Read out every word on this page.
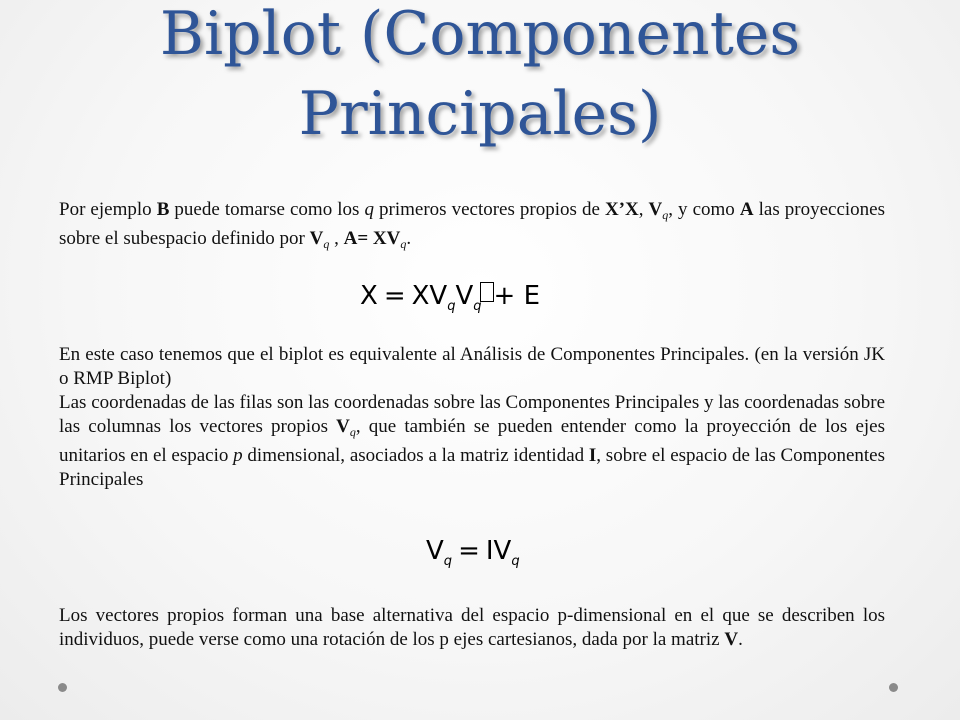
Biplot (Componentes
Principales)

Por ejemplo B puede tomarse como los q primeros vectores propios de X’X, $V_q$, y como A las proyecciones sobre el subespacio definido por $V_q$ , $A= XV_q$.

$X = XV_qV_q + E$
En este caso tenemos que el biplot es equivalente al Análisis de Componentes Principales. (en la versión JK o RMP Biplot)
Las coordenadas de las filas son las coordenadas sobre las Componentes Principales y las coordenadas sobre las columnas los vectores propios $V_q$, que también se pueden entender como la proyección de los ejes unitarios en el espacio p dimensional, asociados a la matriz identidad I, sobre el espacio de las Componentes Principales
$V_q = IV_q$

Los vectores propios forman una base alternativa del espacio p-dimensional en el que se describen los individuos, puede verse como una rotación de los p ejes cartesianos, dada por la matriz V.
